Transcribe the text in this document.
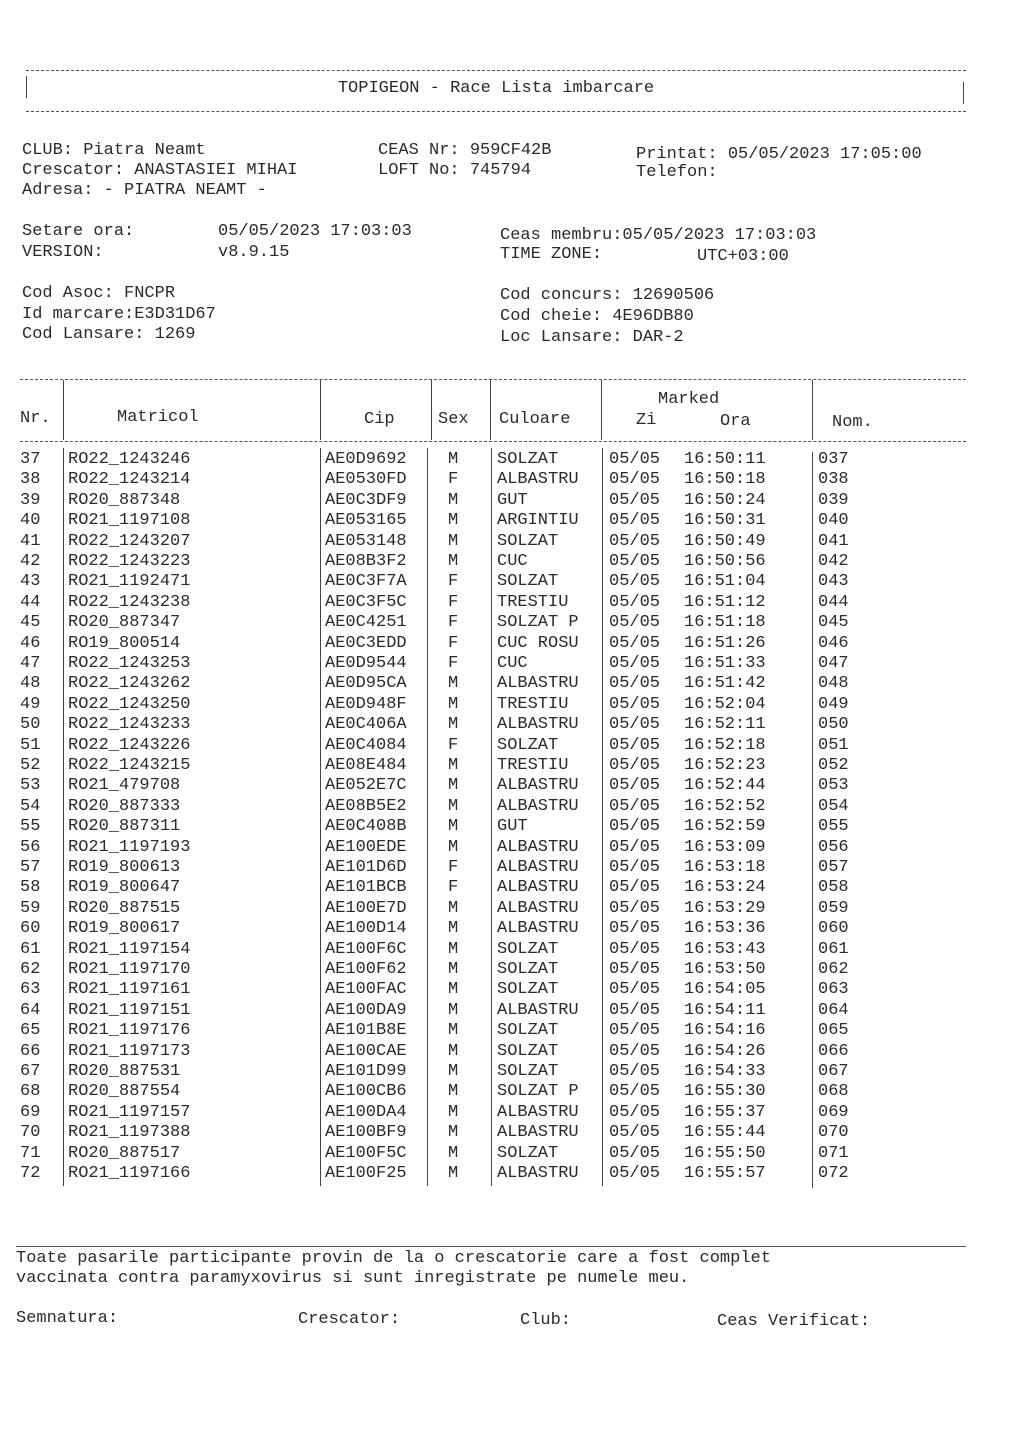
TOPIGEON - Race Lista imbarcare
CLUB: Piatra Neamt
Crescator: ANASTASIEI MIHAI
Adresa: - PIATRA NEAMT -
CEAS Nr: 959CF42B
LOFT No: 745794
Printat: 05/05/2023 17:05:00
Telefon:
Setare ora:	05/05/2023 17:03:03
VERSION:	v8.9.15
Ceas membru:05/05/2023 17:03:03
TIME ZONE:	UTC+03:00
Cod Asoc: FNCPR
Id marcare:E3D31D67
Cod Lansare: 1269
Cod concurs: 12690506
Cod cheie: 4E96DB80
Loc Lansare: DAR-2
Nr.	Matricol	Cip	Sex Culoare
Marked
Zi	Ora	Nom.
37 RO22_1243246	AE0D9692 M SOLZAT	05/05 16:50:11	037
38 RO22_1243214	AE0530FD F ALBASTRU 05/05 16:50:18	038
39 RO20_887348	AE0C3DF9 M GUT	05/05 16:50:24	039
40 RO21_1197108	AE053165 M ARGINTIU 05/05 16:50:31	040
41 RO22_1243207	AE053148 M SOLZAT	05/05 16:50:49	041
42 RO22_1243223	AE08B3F2 M CUC	05/05 16:50:56	042
43 RO21_1192471	AE0C3F7A F SOLZAT	05/05 16:51:04	043
44 RO22_1243238	AE0C3F5C F TRESTIU 05/05 16:51:12	044
45 RO20_887347	AE0C4251 F SOLZAT P 05/05 16:51:18	045
46 RO19_800514	AE0C3EDD F CUC ROSU 05/05 16:51:26	046
47 RO22_1243253	AE0D9544 F CUC	05/05 16:51:33	047
48 RO22_1243262	AE0D95CA M ALBASTRU 05/05 16:51:42	048
49 RO22_1243250	AE0D948F M TRESTIU 05/05 16:52:04	049
50 RO22_1243233	AE0C406A M ALBASTRU 05/05 16:52:11	050
51 RO22_1243226	AE0C4084 F SOLZAT	05/05 16:52:18	051
52 RO22_1243215	AE08E484 M TRESTIU 05/05 16:52:23	052
53 RO21_479708	AE052E7C M ALBASTRU 05/05 16:52:44	053
54 RO20_887333	AE08B5E2 M ALBASTRU 05/05 16:52:52	054
55 RO20_887311	AE0C408B M GUT	05/05 16:52:59	055
56 RO21_1197193	AE100EDE M ALBASTRU 05/05 16:53:09	056
57 RO19_800613	AE101D6D F ALBASTRU 05/05 16:53:18	057
58 RO19_800647	AE101BCB F ALBASTRU 05/05 16:53:24	058
59 RO20_887515	AE100E7D M ALBASTRU 05/05 16:53:29	059
60 RO19_800617	AE100D14 M ALBASTRU 05/05 16:53:36	060
61 RO21_1197154	AE100F6C M SOLZAT	05/05 16:53:43	061
62 RO21_1197170	AE100F62 M SOLZAT	05/05 16:53:50	062
63 RO21_1197161	AE100FAC M SOLZAT	05/05 16:54:05	063
64 RO21_1197151	AE100DA9 M ALBASTRU 05/05 16:54:11	064
65 RO21_1197176	AE101B8E M SOLZAT	05/05 16:54:16	065
66 RO21_1197173	AE100CAE M SOLZAT	05/05 16:54:26	066
67 RO20_887531	AE101D99 M SOLZAT	05/05 16:54:33	067
68 RO20_887554	AE100CB6 M SOLZAT P 05/05 16:55:30	068
69 RO21_1197157	AE100DA4 M ALBASTRU 05/05 16:55:37	069
70 RO21_1197388	AE100BF9 M ALBASTRU 05/05 16:55:44	070
71 RO20_887517	AE100F5C M SOLZAT	05/05 16:55:50	071
72 RO21_1197166	AE100F25 M ALBASTRU 05/05 16:55:57	072
Toate pasarile participante provin de la o crescatorie care a fost complet
vaccinata contra paramyxovirus si sunt inregistrate pe numele meu.
Semnatura:	Crescator:	Club:	Ceas Verificat:
